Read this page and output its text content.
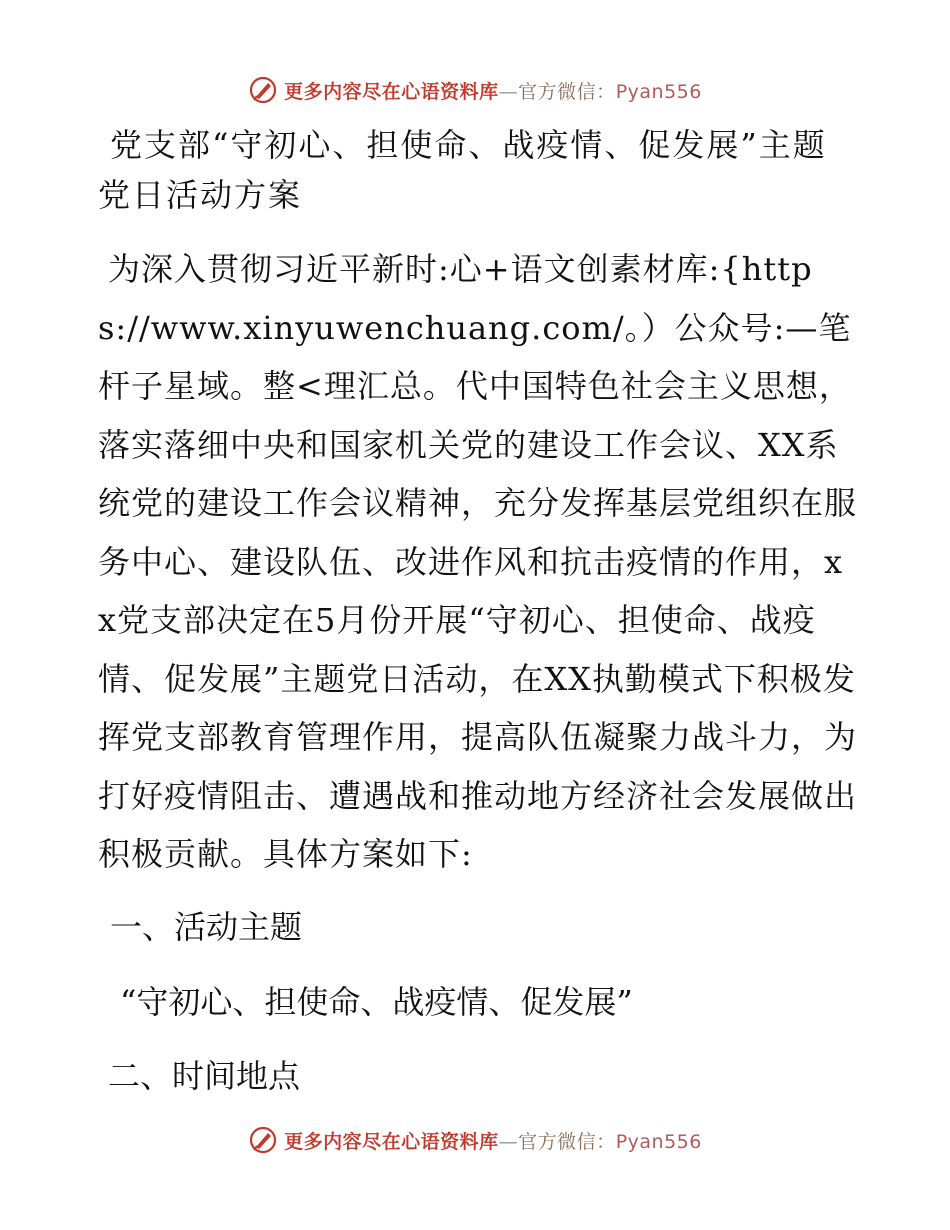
更多内容尽在心语资料库—官方微信：Pyan556
党支部“守初心、担使命、战疫情、促发展”主题党日活动方案

为深入贯彻习近平新时:心+语文创素材库:{https://www.xinyuwenchuang.com/。）公众号:—笔杆子星域。整<理汇总。代中国特色社会主义思想，落实落细中央和国家机关党的建设工作会议、XX系统党的建设工作会议精神，充分发挥基层党组织在服务中心、建设队伍、改进作风和抗击疫情的作用，xx党支部决定在5月份开展“守初心、担使命、战疫情、促发展”主题党日活动，在XX执勤模式下积极发挥党支部教育管理作用，提高队伍凝聚力战斗力，为打好疫情阻击、遭遇战和推动地方经济社会发展做出积极贡献。具体方案如下:

一、活动主题

“守初心、担使命、战疫情、促发展”

二、时间地点

更多内容尽在心语资料库—官方微信：Pyan556
